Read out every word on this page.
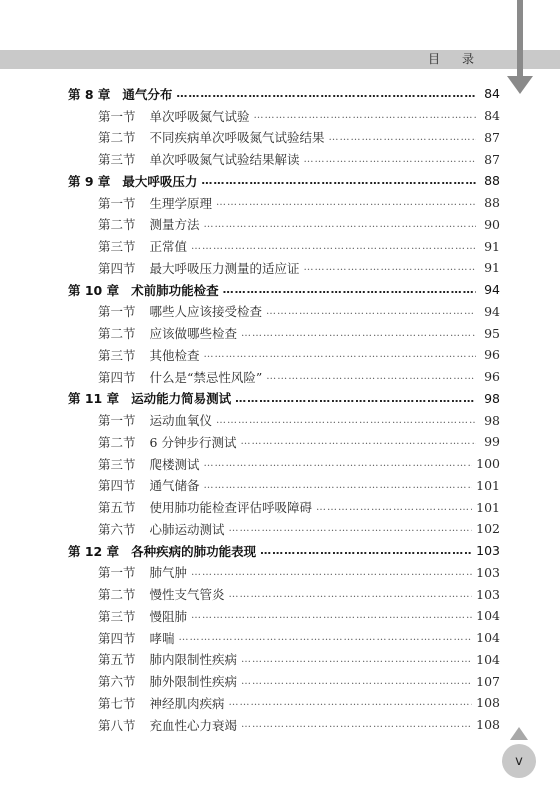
目录
第 8 章 通气分布 ……………………………………………………………………………………………………………………………………………………	84
第一节 单次呼吸氮气试验 ……………………………………………………………………………………………………………………………………………………	84
第二节 不同疾病单次呼吸氮气试验结果 ……………………………………………………………………………………………………………………………………………………	87
第三节 单次呼吸氮气试验结果解读 ……………………………………………………………………………………………………………………………………………………	87
第 9 章 最大呼吸压力 ……………………………………………………………………………………………………………………………………………………	88
第一节 生理学原理 ……………………………………………………………………………………………………………………………………………………	88
第二节 测量方法 ……………………………………………………………………………………………………………………………………………………	90
第三节 正常值 ……………………………………………………………………………………………………………………………………………………	91
第四节 最大呼吸压力测量的适应证 ……………………………………………………………………………………………………………………………………………………	91
第 10 章 术前肺功能检查 ……………………………………………………………………………………………………………………………………………………	94
第一节 哪些人应该接受检查 ……………………………………………………………………………………………………………………………………………………	94
第二节 应该做哪些检查 ……………………………………………………………………………………………………………………………………………………	95
第三节 其他检查 ……………………………………………………………………………………………………………………………………………………	96
第四节 什么是“禁忌性风险” ……………………………………………………………………………………………………………………………………………………	96
第 11 章 运动能力简易测试 ……………………………………………………………………………………………………………………………………………………	98
第一节 运动血氧仪 ……………………………………………………………………………………………………………………………………………………	98
第二节 6 分钟步行测试 ……………………………………………………………………………………………………………………………………………………	99
第三节 爬楼测试 ……………………………………………………………………………………………………………………………………………………	100
第四节 通气储备 ……………………………………………………………………………………………………………………………………………………	101
第五节 使用肺功能检查评估呼吸障碍 ……………………………………………………………………………………………………………………………………………………	101
第六节 心肺运动测试 ……………………………………………………………………………………………………………………………………………………	102
第 12 章 各种疾病的肺功能表现 ……………………………………………………………………………………………………………………………………………………	103
第一节 肺气肿 ……………………………………………………………………………………………………………………………………………………	103
第二节 慢性支气管炎 ……………………………………………………………………………………………………………………………………………………	103
第三节 慢阻肺 ……………………………………………………………………………………………………………………………………………………	104
第四节 哮喘 ……………………………………………………………………………………………………………………………………………………	104
第五节 肺内限制性疾病 ……………………………………………………………………………………………………………………………………………………	104
第六节 肺外限制性疾病 ……………………………………………………………………………………………………………………………………………………	107
第七节 神经肌肉疾病 ……………………………………………………………………………………………………………………………………………………	108
第八节 充血性心力衰竭 ……………………………………………………………………………………………………………………………………………………	108
v
